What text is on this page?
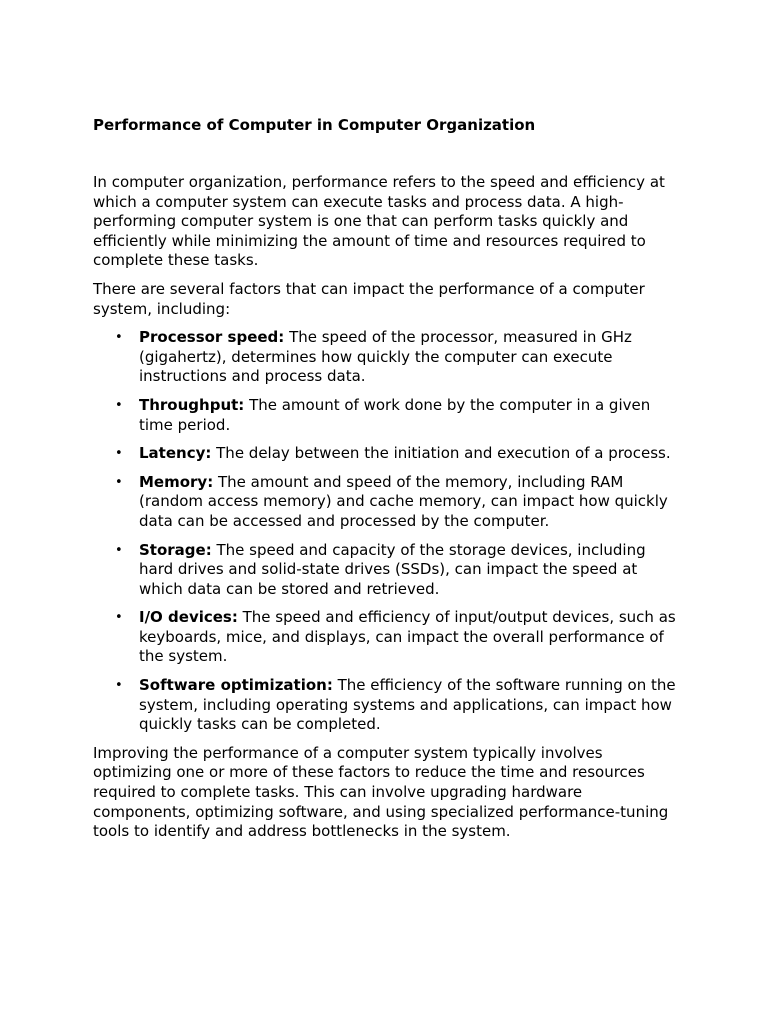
Performance of Computer in Computer Organization

In computer organization, performance refers to the speed and efficiency at which a computer system can execute tasks and process data. A high-performing computer system is one that can perform tasks quickly and efficiently while minimizing the amount of time and resources required to complete these tasks.

There are several factors that can impact the performance of a computer system, including:

• Processor speed: The speed of the processor, measured in GHz (gigahertz), determines how quickly the computer can execute instructions and process data.
• Throughput: The amount of work done by the computer in a given time period.
• Latency: The delay between the initiation and execution of a process.
• Memory: The amount and speed of the memory, including RAM (random access memory) and cache memory, can impact how quickly data can be accessed and processed by the computer.
• Storage: The speed and capacity of the storage devices, including hard drives and solid-state drives (SSDs), can impact the speed at which data can be stored and retrieved.
• I/O devices: The speed and efficiency of input/output devices, such as keyboards, mice, and displays, can impact the overall performance of the system.
• Software optimization: The efficiency of the software running on the system, including operating systems and applications, can impact how quickly tasks can be completed.

Improving the performance of a computer system typically involves optimizing one or more of these factors to reduce the time and resources required to complete tasks. This can involve upgrading hardware components, optimizing software, and using specialized performance-tuning tools to identify and address bottlenecks in the system.
